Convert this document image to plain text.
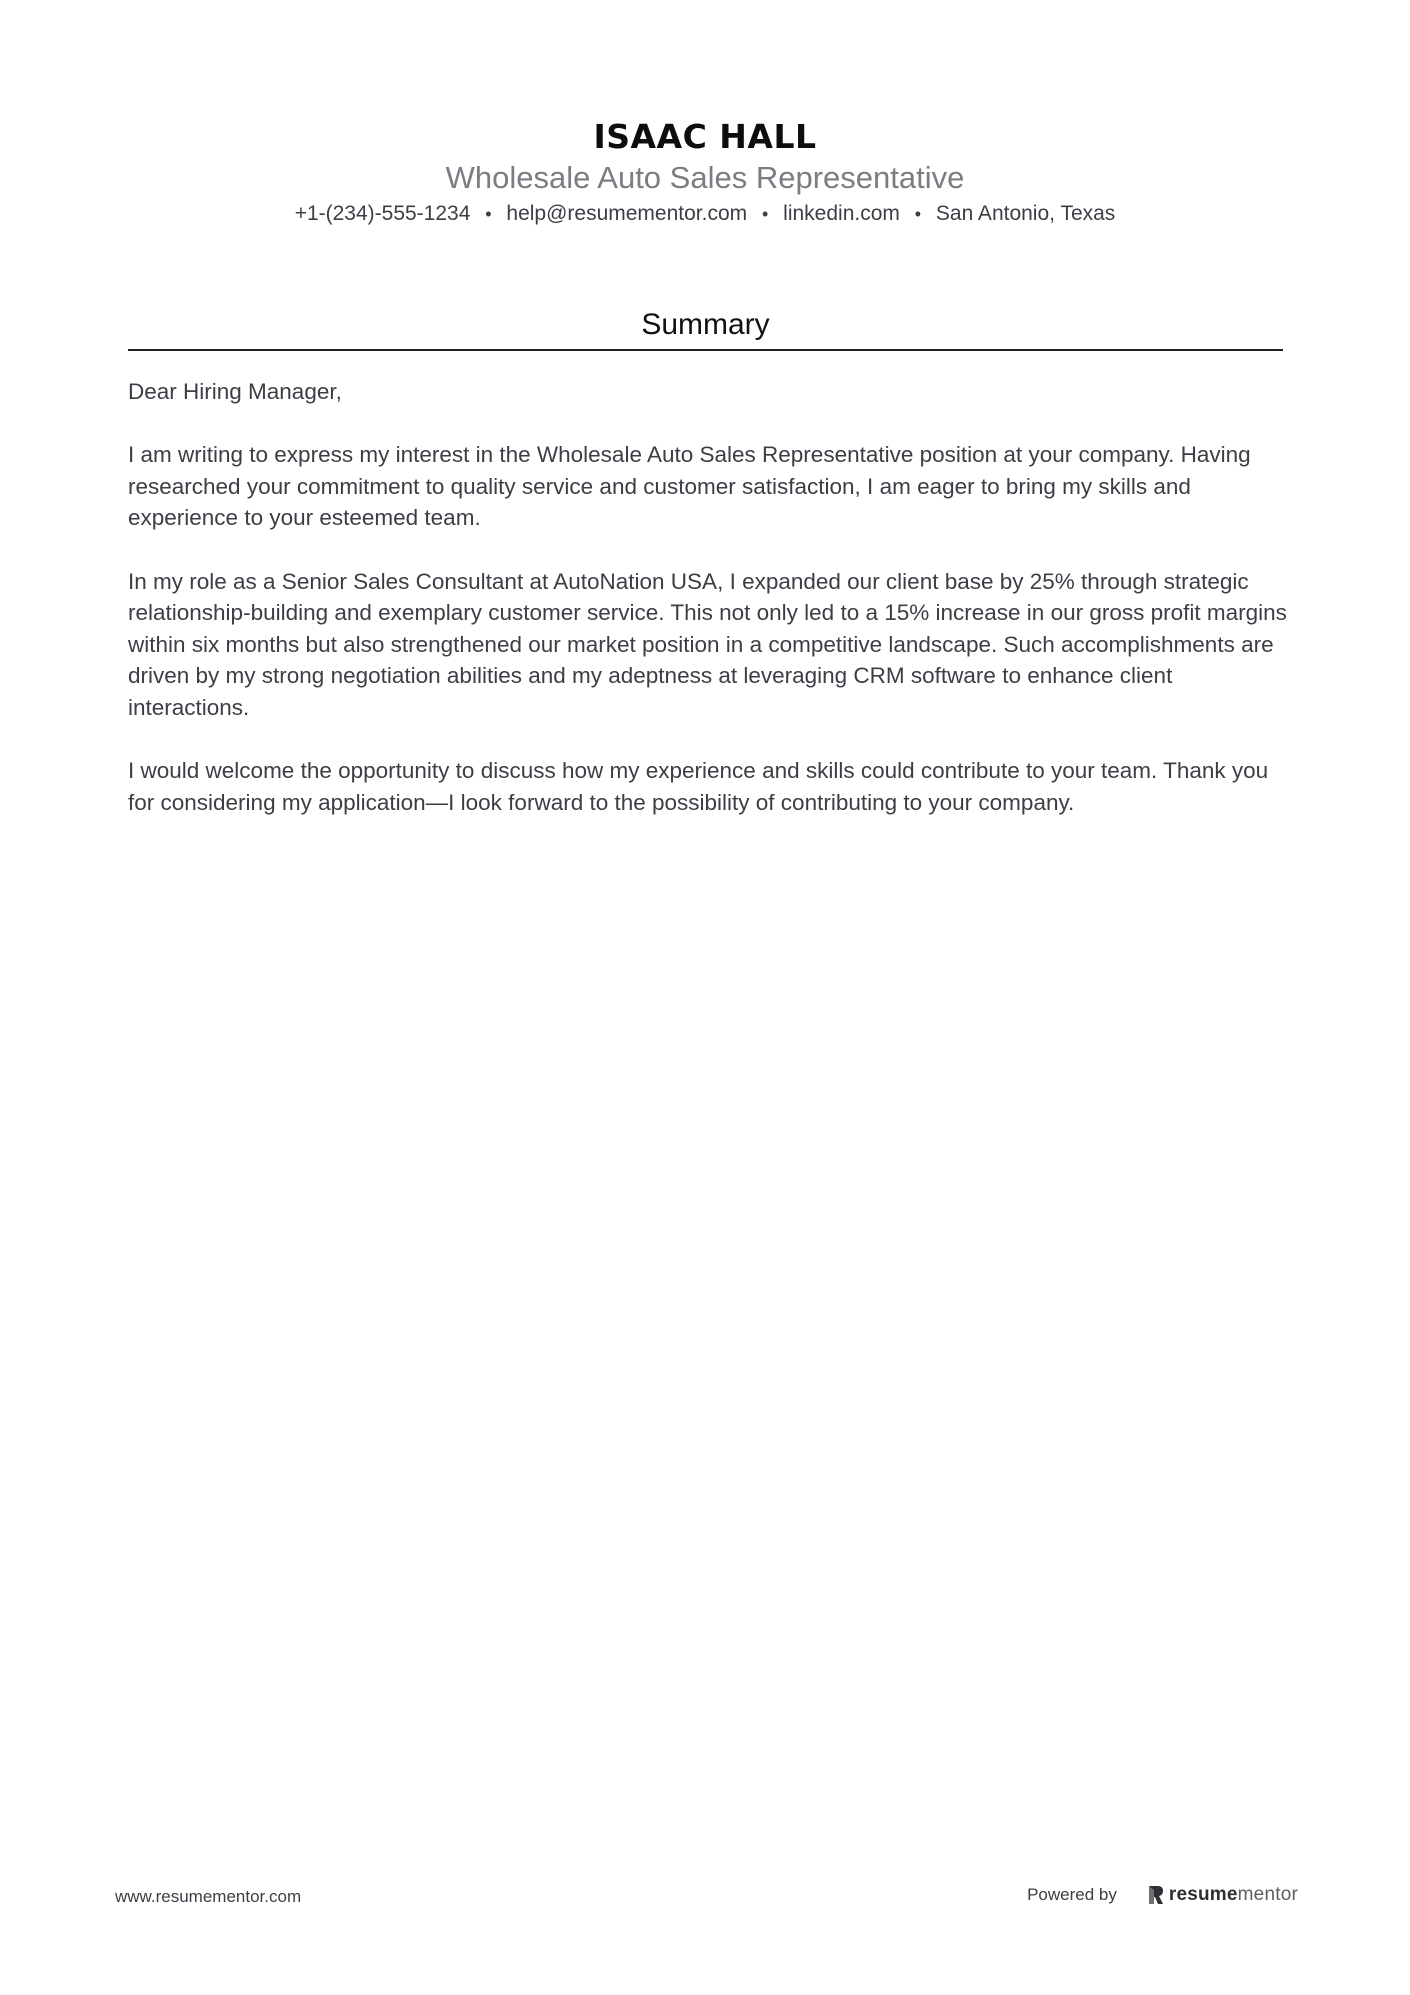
ISAAC HALL
Wholesale Auto Sales Representative
+1-(234)-555-1234 • help@resumementor.com • linkedin.com • San Antonio, Texas
Summary

Dear Hiring Manager,

I am writing to express my interest in the Wholesale Auto Sales Representative position at your company. Having researched your commitment to quality service and customer satisfaction, I am eager to bring my skills and experience to your esteemed team.

In my role as a Senior Sales Consultant at AutoNation USA, I expanded our client base by 25% through strategic relationship-building and exemplary customer service. This not only led to a 15% increase in our gross profit margins within six months but also strengthened our market position in a competitive landscape. Such accomplishments are driven by my strong negotiation abilities and my adeptness at leveraging CRM software to enhance client interactions.

I would welcome the opportunity to discuss how my experience and skills could contribute to your team. Thank you for considering my application—I look forward to the possibility of contributing to your company.

www.resumementor.com	Powered by	resumementor
